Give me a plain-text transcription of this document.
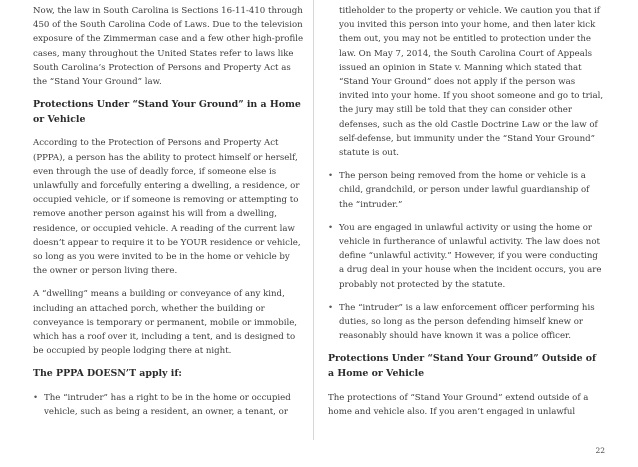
Now, the law in South Carolina is Sections 16-11-410 through 450 of the South Carolina Code of Laws. Due to the television exposure of the Zimmerman case and a few other high-profile cases, many throughout the United States refer to laws like South Carolina’s Protection of Persons and Property Act as the “Stand Your Ground” law.

Protections Under “Stand Your Ground” in a Home or Vehicle

According to the Protection of Persons and Property Act (PPPA), a person has the ability to protect himself or herself, even through the use of deadly force, if someone else is unlawfully and forcefully entering a dwelling, a residence, or occupied vehicle, or if someone is removing or attempting to remove another person against his will from a dwelling, residence, or occupied vehicle. A reading of the current law doesn’t appear to require it to be YOUR residence or vehicle, so long as you were invited to be in the home or vehicle by the owner or person living there.

A “dwelling” means a building or conveyance of any kind, including an attached porch, whether the building or conveyance is temporary or permanent, mobile or immobile, which has a roof over it, including a tent, and is designed to be occupied by people lodging there at night.

The PPPA DOESN’T apply if:
• The “intruder” has a right to be in the home or occupied vehicle, such as being a resident, an owner, a tenant, or
titleholder to the property or vehicle. We caution you that if you invited this person into your home, and then later kick them out, you may not be entitled to protection under the law. On May 7, 2014, the South Carolina Court of Appeals issued an opinion in State v. Manning which stated that “Stand Your Ground” does not apply if the person was invited into your home. If you shoot someone and go to trial, the jury may still be told that they can consider other defenses, such as the old Castle Doctrine Law or the law of self-defense, but immunity under the “Stand Your Ground” statute is out.
• The person being removed from the home or vehicle is a child, grandchild, or person under lawful guardianship of the “intruder.”
• You are engaged in unlawful activity or using the home or vehicle in furtherance of unlawful activity. The law does not define “unlawful activity.” However, if you were conducting a drug deal in your house when the incident occurs, you are probably not protected by the statute.
• The “intruder” is a law enforcement officer performing his duties, so long as the person defending himself knew or reasonably should have known it was a police officer.
Protections Under “Stand Your Ground” Outside of a Home or Vehicle

The protections of “Stand Your Ground” extend outside of a home and vehicle also. If you aren’t engaged in unlawful

22
